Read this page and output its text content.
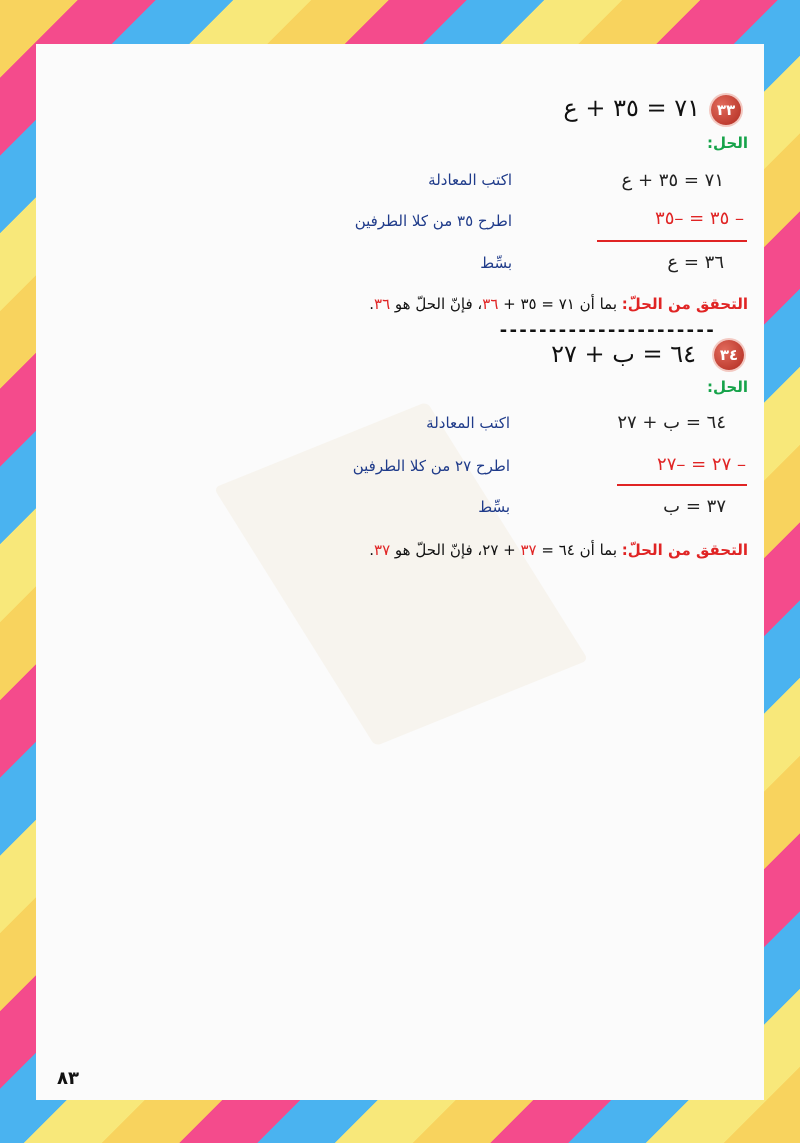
٣٣
٧١ = ٣٥ + ع
الحل:
٧١ = ٣٥ + ع
اكتب المعادلة
– ٣٥ = –٣٥
اطرح ٣٥ من كلا الطرفين
٣٦ = ع
بسِّط
التحقق من الحلّ: بما أن ٧١ = ٣٥ + ٣٦، فإنّ الحلّ هو ٣٦.
----------------------
٣٤
٦٤ = ب + ٢٧
الحل:
٦٤ = ب + ٢٧
اكتب المعادلة
– ٢٧ = –٢٧
اطرح ٢٧ من كلا الطرفين
٣٧ = ب
بسِّط
التحقق من الحلّ: بما أن ٦٤ = ٣٧ + ٢٧، فإنّ الحلّ هو ٣٧.
٨٣
